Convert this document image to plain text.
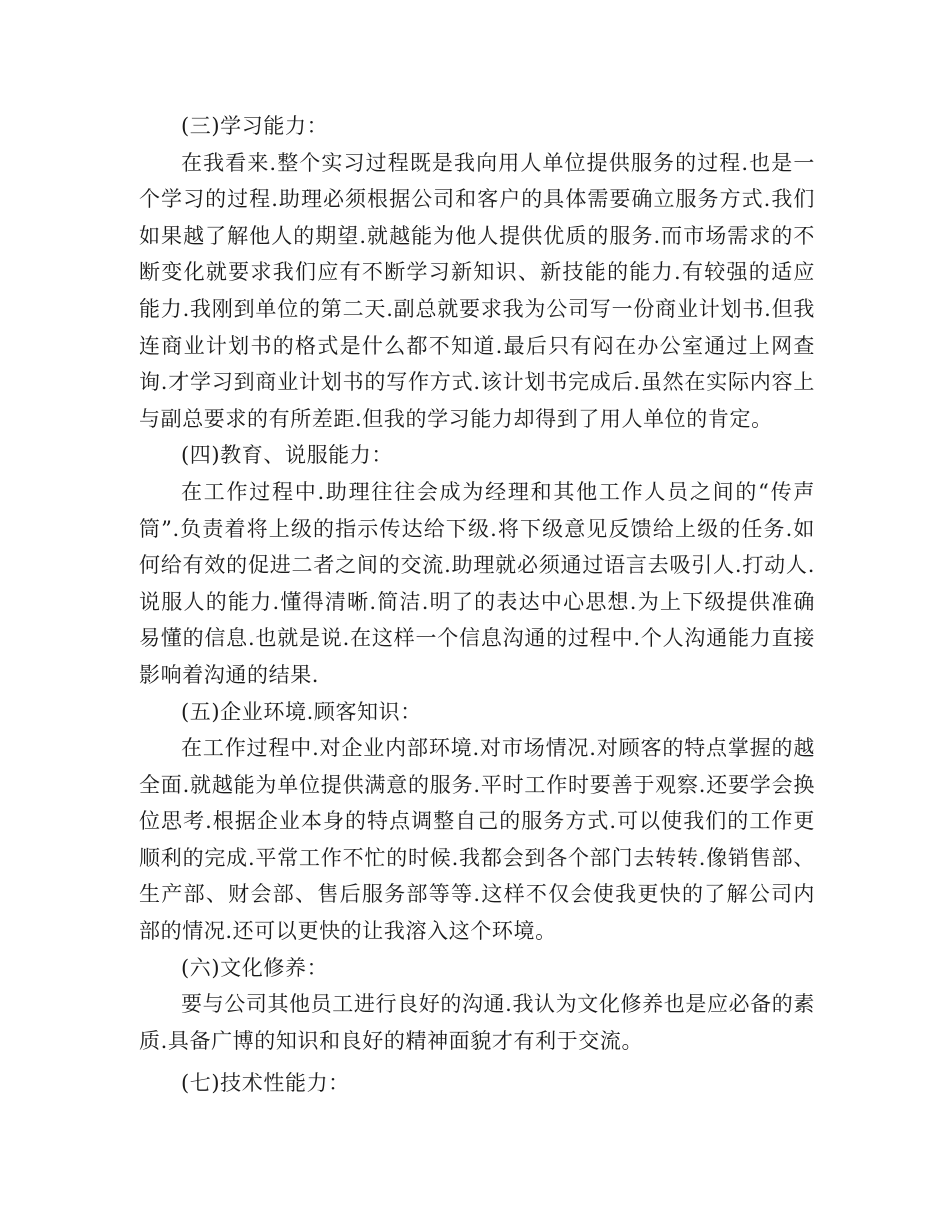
(三)学习能力：

在我看来.整个实习过程既是我向用人单位提供服务的过程.也是一个学习的过程.助理必须根据公司和客户的具体需要确立服务方式.我们如果越了解他人的期望.就越能为他人提供优质的服务.而市场需求的不断变化就要求我们应有不断学习新知识、新技能的能力.有较强的适应能力.我刚到单位的第二天.副总就要求我为公司写一份商业计划书.但我连商业计划书的格式是什么都不知道.最后只有闷在办公室通过上网查询.才学习到商业计划书的写作方式.该计划书完成后.虽然在实际内容上与副总要求的有所差距.但我的学习能力却得到了用人单位的肯定。

(四)教育、说服能力：

在工作过程中.助理往往会成为经理和其他工作人员之间的“传声筒”.负责着将上级的指示传达给下级.将下级意见反馈给上级的任务.如何给有效的促进二者之间的交流.助理就必须通过语言去吸引人.打动人.说服人的能力.懂得清晰.简洁.明了的表达中心思想.为上下级提供准确易懂的信息.也就是说.在这样一个信息沟通的过程中.个人沟通能力直接影响着沟通的结果.

(五)企业环境.顾客知识：

在工作过程中.对企业内部环境.对市场情况.对顾客的特点掌握的越全面.就越能为单位提供满意的服务.平时工作时要善于观察.还要学会换位思考.根据企业本身的特点调整自己的服务方式.可以使我们的工作更顺利的完成.平常工作不忙的时候.我都会到各个部门去转转.像销售部、生产部、财会部、售后服务部等等.这样不仅会使我更快的了解公司内部的情况.还可以更快的让我溶入这个环境。

(六)文化修养：

要与公司其他员工进行良好的沟通.我认为文化修养也是应必备的素质.具备广博的知识和良好的精神面貌才有利于交流。

(七)技术性能力：
